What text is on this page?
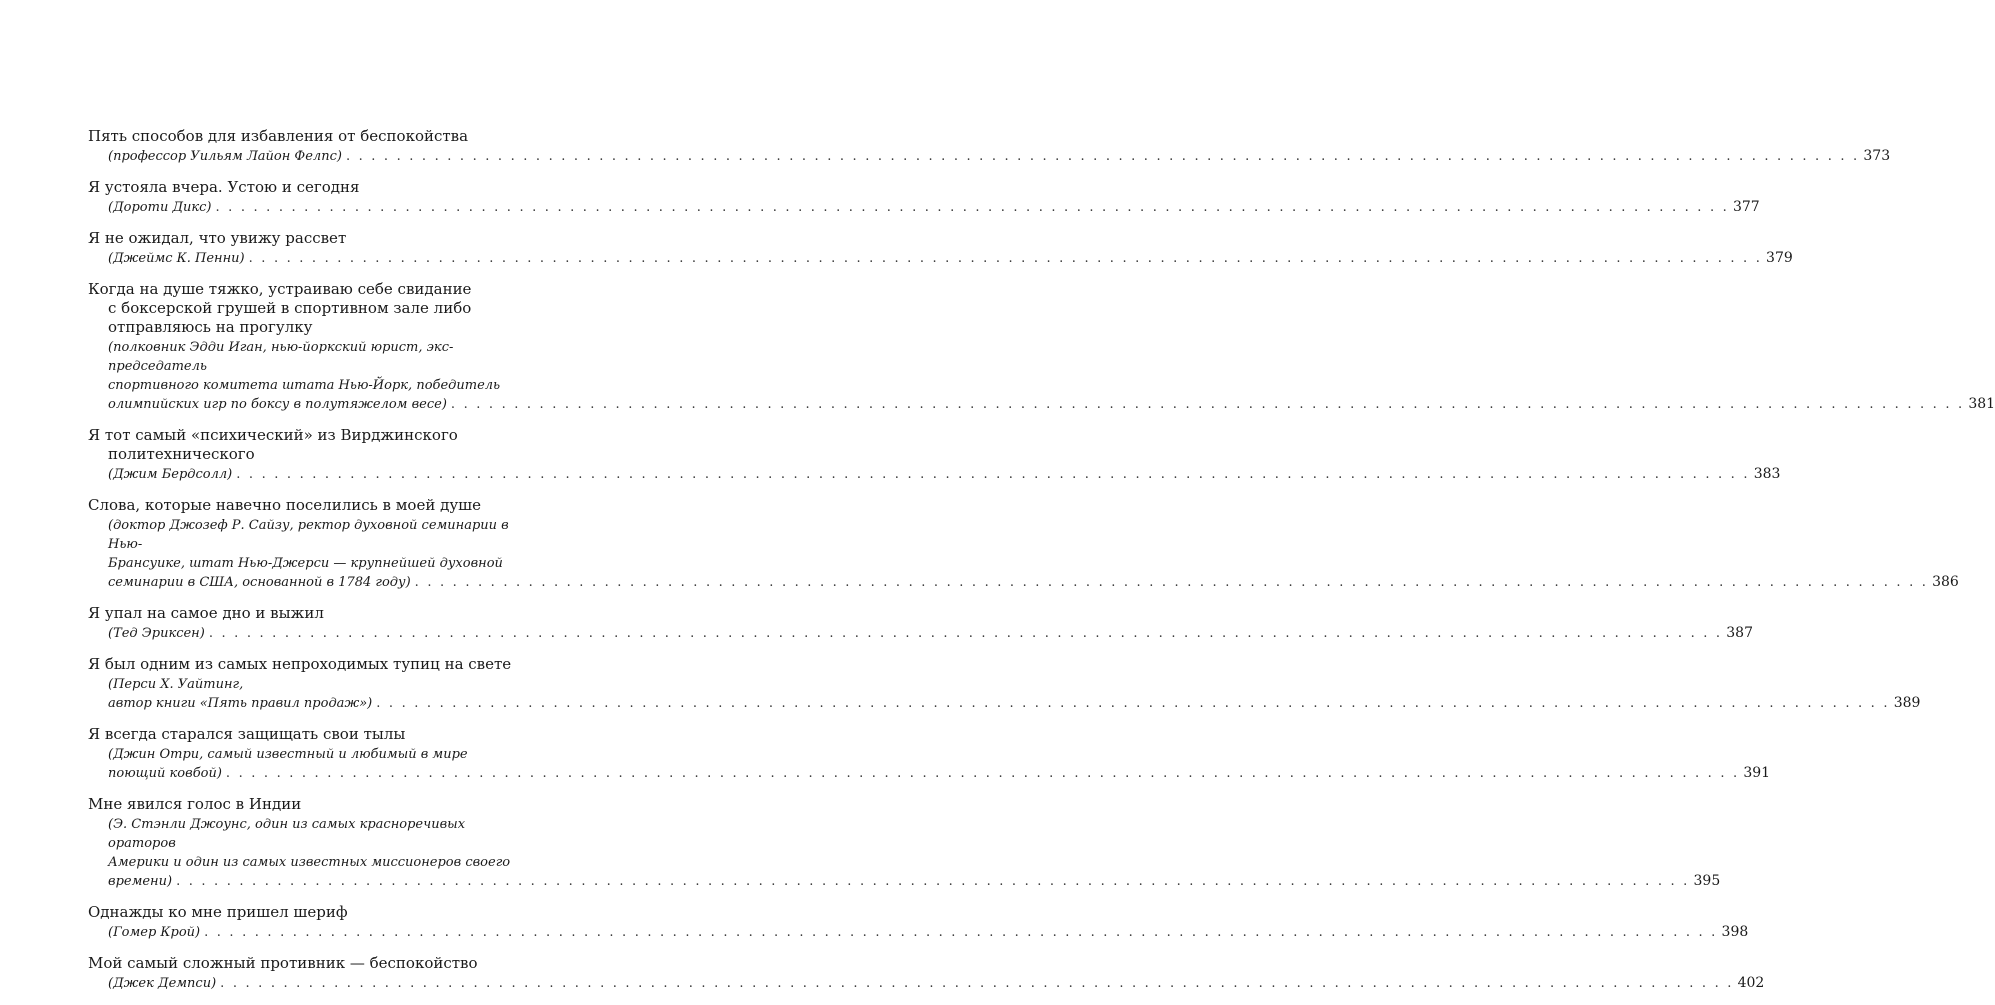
Пять способов для избавления от беспокойства
(профессор Уильям Лайон Фелпс) . . . . . . . . . . . . . . . . . . . . . . . . . . . . . . . . . . . . . . . . . . . . . . . . . . . . . . . . . . . . . . . . . . . . . . . . . . . . . . . . . . . . . . . . . . . . . . . . . . . . . . . . . . . . . . . . . . . . . . . . 373
Я устояла вчера. Устою и сегодня
(Дороти Дикс) . . . . . . . . . . . . . . . . . . . . . . . . . . . . . . . . . . . . . . . . . . . . . . . . . . . . . . . . . . . . . . . . . . . . . . . . . . . . . . . . . . . . . . . . . . . . . . . . . . . . . . . . . . . . . . . . . . . . . . . . 377
Я не ожидал, что увижу рассвет
(Джеймс К. Пенни) . . . . . . . . . . . . . . . . . . . . . . . . . . . . . . . . . . . . . . . . . . . . . . . . . . . . . . . . . . . . . . . . . . . . . . . . . . . . . . . . . . . . . . . . . . . . . . . . . . . . . . . . . . . . . . . . . . . . . . . . 379
Когда на душе тяжко, устраиваю себе свидание
с боксерской грушей в спортивном зале либо
отправляюсь на прогулку
(полковник Эдди Иган, нью-йоркский юрист, экс-председатель
спортивного комитета штата Нью-Йорк, победитель
олимпийских игр по боксу в полутяжелом весе) . . . . . . . . . . . . . . . . . . . . . . . . . . . . . . . . . . . . . . . . . . . . . . . . . . . . . . . . . . . . . . . . . . . . . . . . . . . . . . . . . . . . . . . . . . . . . . . . . . . . . . . . . . . . . . . . . . . . . . . . 381
Я тот самый «психический» из Вирджинского
политехнического
(Джим Бердсолл) . . . . . . . . . . . . . . . . . . . . . . . . . . . . . . . . . . . . . . . . . . . . . . . . . . . . . . . . . . . . . . . . . . . . . . . . . . . . . . . . . . . . . . . . . . . . . . . . . . . . . . . . . . . . . . . . . . . . . . . . 383
Слова, которые навечно поселились в моей душе
(доктор Джозеф Р. Сайзу, ректор духовной семинарии в Нью-
Брансуике, штат Нью-Джерси — крупнейшей духовной
семинарии в США, основанной в 1784 году) . . . . . . . . . . . . . . . . . . . . . . . . . . . . . . . . . . . . . . . . . . . . . . . . . . . . . . . . . . . . . . . . . . . . . . . . . . . . . . . . . . . . . . . . . . . . . . . . . . . . . . . . . . . . . . . . . . . . . . . . 386
Я упал на самое дно и выжил
(Тед Эриксен) . . . . . . . . . . . . . . . . . . . . . . . . . . . . . . . . . . . . . . . . . . . . . . . . . . . . . . . . . . . . . . . . . . . . . . . . . . . . . . . . . . . . . . . . . . . . . . . . . . . . . . . . . . . . . . . . . . . . . . . . 387
Я был одним из самых непроходимых тупиц на свете
(Перси Х. Уайтинг,
автор книги «Пять правил продаж») . . . . . . . . . . . . . . . . . . . . . . . . . . . . . . . . . . . . . . . . . . . . . . . . . . . . . . . . . . . . . . . . . . . . . . . . . . . . . . . . . . . . . . . . . . . . . . . . . . . . . . . . . . . . . . . . . . . . . . . . 389
Я всегда старался защищать свои тылы
(Джин Отри, самый известный и любимый в мире
поющий ковбой) . . . . . . . . . . . . . . . . . . . . . . . . . . . . . . . . . . . . . . . . . . . . . . . . . . . . . . . . . . . . . . . . . . . . . . . . . . . . . . . . . . . . . . . . . . . . . . . . . . . . . . . . . . . . . . . . . . . . . . . . 391
Мне явился голос в Индии
(Э. Стэнли Джоунс, один из самых красноречивых ораторов
Америки и один из самых известных миссионеров своего
времени) . . . . . . . . . . . . . . . . . . . . . . . . . . . . . . . . . . . . . . . . . . . . . . . . . . . . . . . . . . . . . . . . . . . . . . . . . . . . . . . . . . . . . . . . . . . . . . . . . . . . . . . . . . . . . . . . . . . . . . . . 395
Однажды ко мне пришел шериф
(Гомер Крой) . . . . . . . . . . . . . . . . . . . . . . . . . . . . . . . . . . . . . . . . . . . . . . . . . . . . . . . . . . . . . . . . . . . . . . . . . . . . . . . . . . . . . . . . . . . . . . . . . . . . . . . . . . . . . . . . . . . . . . . . 398
Мой самый сложный противник — беспокойство
(Джек Демпси) . . . . . . . . . . . . . . . . . . . . . . . . . . . . . . . . . . . . . . . . . . . . . . . . . . . . . . . . . . . . . . . . . . . . . . . . . . . . . . . . . . . . . . . . . . . . . . . . . . . . . . . . . . . . . . . . . . . . . . . . 402
